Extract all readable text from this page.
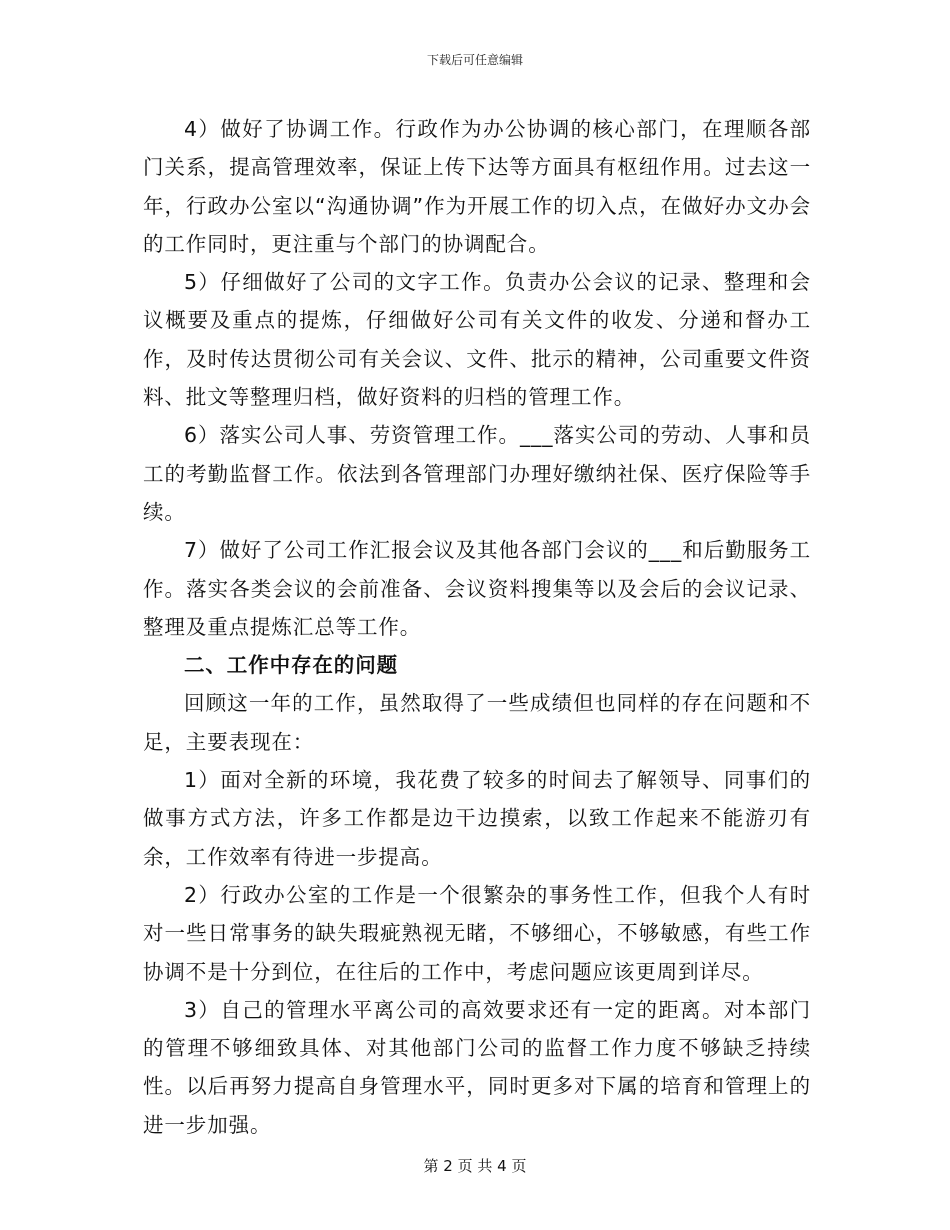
下载后可任意编辑

4）做好了协调工作。行政作为办公协调的核心部门，在理顺各部门关系，提高管理效率，保证上传下达等方面具有枢纽作用。过去这一年，行政办公室以“沟通协调”作为开展工作的切入点，在做好办文办会的工作同时，更注重与个部门的协调配合。

5）仔细做好了公司的文字工作。负责办公会议的记录、整理和会议概要及重点的提炼，仔细做好公司有关文件的收发、分递和督办工作，及时传达贯彻公司有关会议、文件、批示的精神，公司重要文件资料、批文等整理归档，做好资料的归档的管理工作。

6）落实公司人事、劳资管理工作。___落实公司的劳动、人事和员工的考勤监督工作。依法到各管理部门办理好缴纳社保、医疗保险等手续。

7）做好了公司工作汇报会议及其他各部门会议的___和后勤服务工作。落实各类会议的会前准备、会议资料搜集等以及会后的会议记录、整理及重点提炼汇总等工作。

二、工作中存在的问题

回顾这一年的工作，虽然取得了一些成绩但也同样的存在问题和不足，主要表现在：

1）面对全新的环境，我花费了较多的时间去了解领导、同事们的做事方式方法，许多工作都是边干边摸索，以致工作起来不能游刃有余，工作效率有待进一步提高。

2）行政办公室的工作是一个很繁杂的事务性工作，但我个人有时对一些日常事务的缺失瑕疵熟视无睹，不够细心，不够敏感，有些工作协调不是十分到位，在往后的工作中，考虑问题应该更周到详尽。

3）自己的管理水平离公司的高效要求还有一定的距离。对本部门的管理不够细致具体、对其他部门公司的监督工作力度不够缺乏持续性。以后再努力提高自身管理水平，同时更多对下属的培育和管理上的进一步加强。

第 2 页 共 4 页
